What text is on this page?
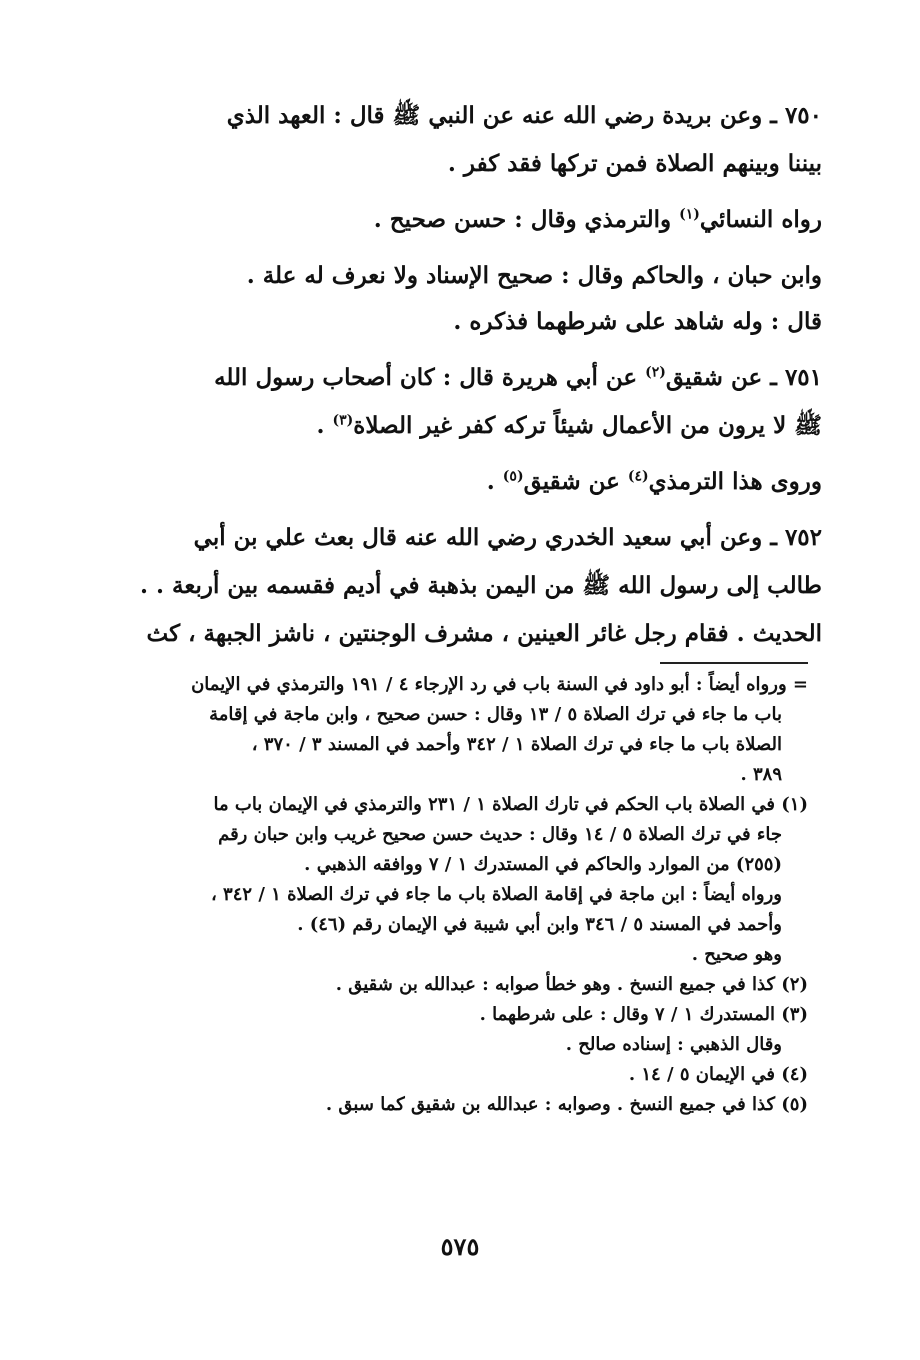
٧٥٠ ـ وعن بريدة رضي الله عنه عن النبي ﷺ قال : العهد الذي

بيننا وبينهم الصلاة فمن تركها فقد كفر .

رواه النسائي$^{(١)}$ والترمذي وقال : حسن صحيح .

وابن حبان ، والحاكم وقال : صحيح الإسناد ولا نعرف له علة .

قال : وله شاهد على شرطهما فذكره .

٧٥١ ـ عن شقيق$^{(٢)}$ عن أبي هريرة قال : كان أصحاب رسول الله

ﷺ لا يرون من الأعمال شيئاً تركه كفر غير الصلاة$^{(٣)}$ .

وروى هذا الترمذي$^{(٤)}$ عن شقيق$^{(٥)}$ .

٧٥٢ ـ وعن أبي سعيد الخدري رضي الله عنه قال بعث علي بن أبي

طالب إلى رسول الله ﷺ من اليمن بذهبة في أديم فقسمه بين أربعة . .

الحديث . فقام رجل غائر العينين ، مشرف الوجنتين ، ناشز الجبهة ، كث

= ورواه أيضاً : أبو داود في السنة باب في رد الإرجاء ٤ / ١٩١ والترمذي في الإيمان

باب ما جاء في ترك الصلاة ٥ / ١٣ وقال : حسن صحيح ، وابن ماجة في إقامة

الصلاة باب ما جاء في ترك الصلاة ١ / ٣٤٢ وأحمد في المسند ٣ / ٣٧٠ ،

٣٨٩ .

(١) في الصلاة باب الحكم في تارك الصلاة ١ / ٢٣١ والترمذي في الإيمان باب ما

جاء في ترك الصلاة ٥ / ١٤ وقال : حديث حسن صحيح غريب وابن حبان رقم

(٢٥٥) من الموارد والحاكم في المستدرك ١ / ٧ ووافقه الذهبي .

ورواه أيضاً : ابن ماجة في إقامة الصلاة باب ما جاء في ترك الصلاة ١ / ٣٤٢ ،

وأحمد في المسند ٥ / ٣٤٦ وابن أبي شيبة في الإيمان رقم (٤٦) .

وهو صحيح .

(٢) كذا في جميع النسخ . وهو خطأ صوابه : عبدالله بن شقيق .

(٣) المستدرك ١ / ٧ وقال : على شرطهما .

وقال الذهبي : إسناده صالح .

(٤) في الإيمان ٥ / ١٤ .

(٥) كذا في جميع النسخ . وصوابه : عبدالله بن شقيق كما سبق .

٥٧٥
